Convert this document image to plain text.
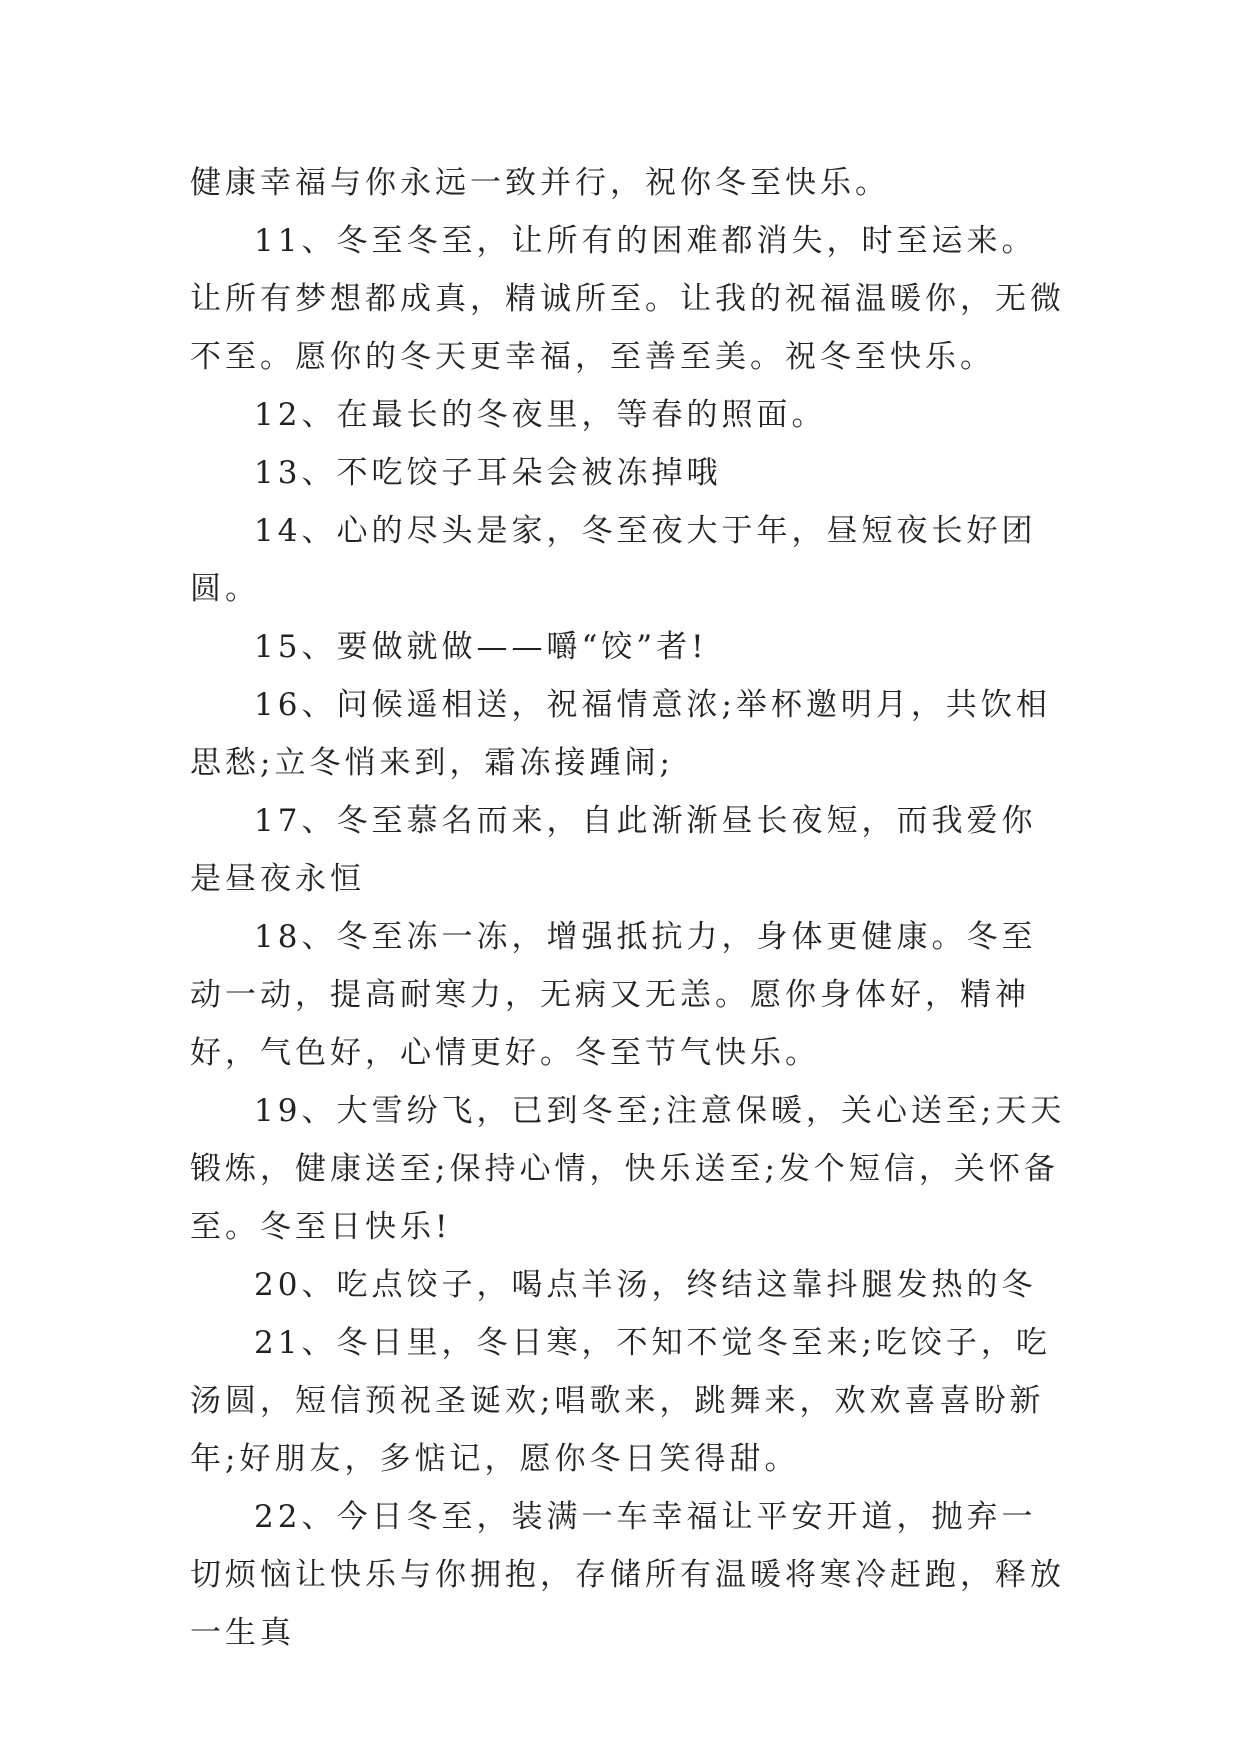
健康幸福与你永远一致并行，祝你冬至快乐。

11、冬至冬至，让所有的困难都消失，时至运来。让所有梦想都成真，精诚所至。让我的祝福温暖你，无微不至。愿你的冬天更幸福，至善至美。祝冬至快乐。

12、在最长的冬夜里，等春的照面。

13、不吃饺子耳朵会被冻掉哦

14、心的尽头是家，冬至夜大于年，昼短夜长好团圆。

15、要做就做——嚼“饺”者!

16、问候遥相送，祝福情意浓;举杯邀明月，共饮相思愁;立冬悄来到，霜冻接踵闹;

17、冬至慕名而来，自此渐渐昼长夜短，而我爱你是昼夜永恒

18、冬至冻一冻，增强抵抗力，身体更健康。冬至动一动，提高耐寒力，无病又无恙。愿你身体好，精神好，气色好，心情更好。冬至节气快乐。

19、大雪纷飞，已到冬至;注意保暖，关心送至;天天锻炼，健康送至;保持心情，快乐送至;发个短信，关怀备至。冬至日快乐!

20、吃点饺子，喝点羊汤，终结这靠抖腿发热的冬

21、冬日里，冬日寒，不知不觉冬至来;吃饺子，吃汤圆，短信预祝圣诞欢;唱歌来，跳舞来，欢欢喜喜盼新年;好朋友，多惦记，愿你冬日笑得甜。

22、今日冬至，装满一车幸福让平安开道，抛弃一切烦恼让快乐与你拥抱，存储所有温暖将寒冷赶跑，释放一生真
